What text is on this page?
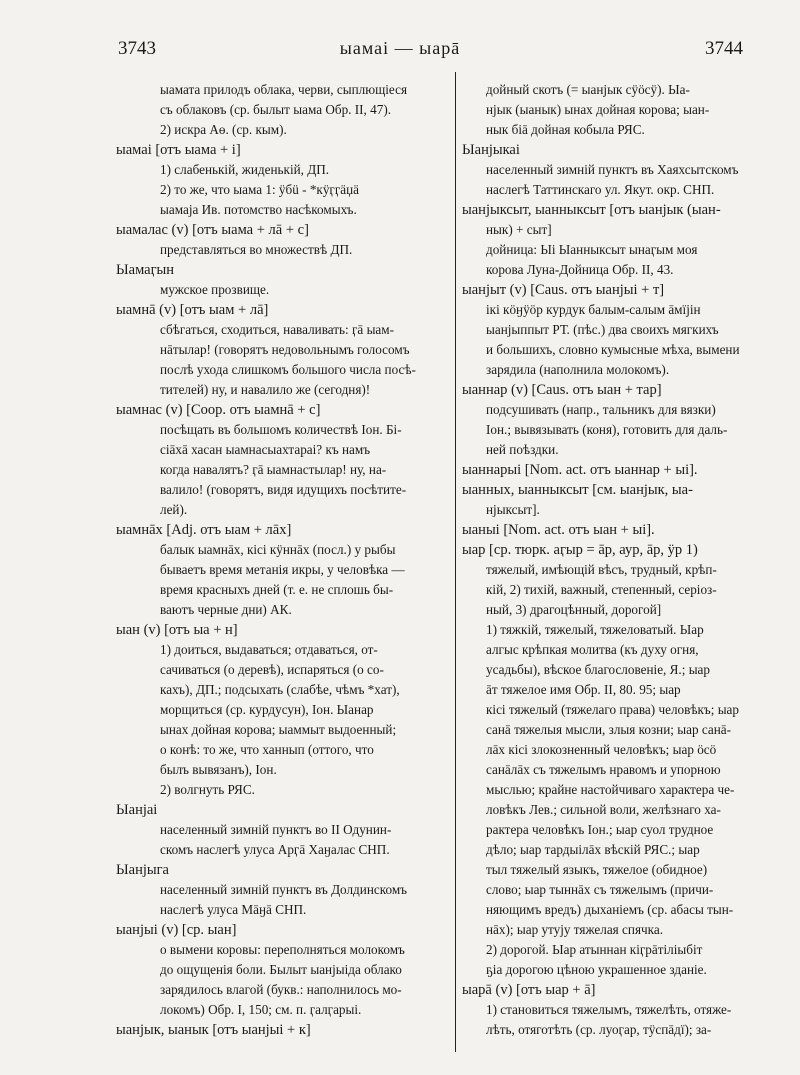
3743	ыамаі — ыарā	3744
ыамата прилодъ облака, черви, сыплющіеся
съ облаковъ (ср. былыт ыама Обр. II, 47).
2) искра Аө. (ср. кым).
ыамаі [отъ ыама + і]
1) слабенькій, жиденькій, ДП.
2) то же, что ыама 1: ӱбü - *кӱӷӷӓџӓ
ыамаја Ив. потомство насѣкомыхъ.
ыамалас (v) [отъ ыама + лā + с]
представляться во множествѣ ДП.
Ыамаӷын
мужское прозвище.
ыамнā (v) [отъ ыам + лā]
сбѣгаться, сходиться, наваливать: ӷā ыам-
нāтылар! (говорятъ недовольнымъ голосомъ
послѣ ухода слишкомъ большого числа посѣ-
тителей) ну, и навалило же (сегодня)!
ыамнас (v) [Соор. отъ ыамнā + с]
посѣщать въ большомъ количествѣ Іон. Бі-
сіāхā хасан ыамнасыахтарaі? къ намъ
когда навалятъ? ӷā ыамнастылар! ну, на-
валило! (говорятъ, видя идущихъ посѣтите-
лей).
ыамнāх [Adj. отъ ыам + лāх]
балык ыамнāх, кісі кӱннāх (посл.) у рыбы
бываетъ время метанія икры, у человѣка —
время красныхъ дней (т. е. не сплошь бы-
ваютъ черные дни) АК.
ыан (v) [отъ ыа + н]
1) доиться, выдаваться; отдаваться, от-
сачиваться (о деревѣ), испаряться (о со-
кахъ), ДП.; подсыхать (слабѣе, чѣмъ *хат),
морщиться (ср. курдусун), Іон. Ыанар
ынах дойная корова; ыаммыт выдоенный;
о конѣ: то же, что ханнып (оттого, что
былъ вывязанъ), Іон.
2) волгнуть РЯС.
Ыанјаі
населенный зимній пунктъ во II Одунин-
скомъ наслегѣ улуса Арӷā Хаӈалас СНП.
Ыанјыга
населенный зимній пунктъ въ Долдинскомъ
наслегѣ улуса Мāӈā СНП.
ыанјыі (v) [ср. ыан]
о вымени коровы: переполняться молокомъ
до ощущенія боли. Былыт ыанјыіда облако
зарядилось влагой (букв.: наполнилось мо-
локомъ) Обр. I, 150; см. п. ӷалӷарыі.
ыанјык, ыанык [отъ ыанјыі + к]
дойный скотъ (= ыанјык сӱӧсӱ). Ыа-
нјык (ыанык) ынах дойная корова; ыан-
нык біā дойная кобыла РЯС.
Ыанјыкаі
населенный зимній пунктъ въ Хаяхсытскомъ
наслегѣ Таттинскаго ул. Якут. окр. СНП.
ыанјыксыт, ыанныксыт [отъ ыанјык (ыан-
нык) + сыт]
дойница: Ыі Ыанныксыт ынаӷым моя
корова Луна-Дойница Обр. II, 43.
ыанјыт (v) [Caus. отъ ыанјыі + т]
ікі кӧӈӱӧр курдук балым-салым āмїјін
ыанјыппыт РТ. (пѣс.) два своихъ мягкихъ
и большихъ, словно кумысные мѣха, вымени
зарядила (наполнила молокомъ).
ыаннар (v) [Caus. отъ ыан + тар]
подсушивать (напр., тальникъ для вязки)
Іон.; вывязывать (коня), готовить для даль-
ней поѣздки.
ыаннарыі [Nom. act. отъ ыаннар + ыі].
ыанных, ыанныксыт [см. ыанјык, ыа-
нјыксыт].
ыаныі [Nom. act. отъ ыан + ыі].
ыар [ср. тюрк. аӷыр = āр, аур, āр, ӱр 1)
тяжелый, имѣющій вѣсъ, трудный, крѣп-
кій, 2) тихій, важный, степенный, серіоз-
ный, 3) драгоцѣнный, дорогой]
1) тяжкій, тяжелый, тяжеловатый. Ыар
алгыс крѣпкая молитва (къ духу огня,
усадьбы), вѣское благословеніе, Я.; ыар
āт тяжелое имя Обр. II, 80. 95; ыар
кісі тяжелый (тяжелаго права) человѣкъ; ыар
санā тяжелыя мысли, злыя козни; ыар санā-
лāх кісі злокозненный человѣкъ; ыар ӧсӧ
санāлāх съ тяжелымъ нравомъ и упорною
мыслью; крайне настойчиваго характера че-
ловѣкъ Лев.; сильной воли, желѣзнаго ха-
рактера человѣкъ Іон.; ыар суол трудное
дѣло; ыар тардыілāх вѣскій РЯС.; ыар
тыл тяжелый языкъ, тяжелое (обидное)
слово; ыар тыннāх съ тяжелымъ (причи-
няющимъ вредъ) дыханіемъ (ср. абасы тын-
нāх); ыар утују тяжелая спячка.
2) дорогой. Ыар атыннан кіӷрāтіліыбіт
ҕіа дорогою цѣною украшенное зданіе.
ыарā (v) [отъ ыар + ā]
1) становиться тяжелымъ, тяжелѣть, отяже-
лѣть, отяготѣть (ср. луоӷар, тӱспāдї); за-
